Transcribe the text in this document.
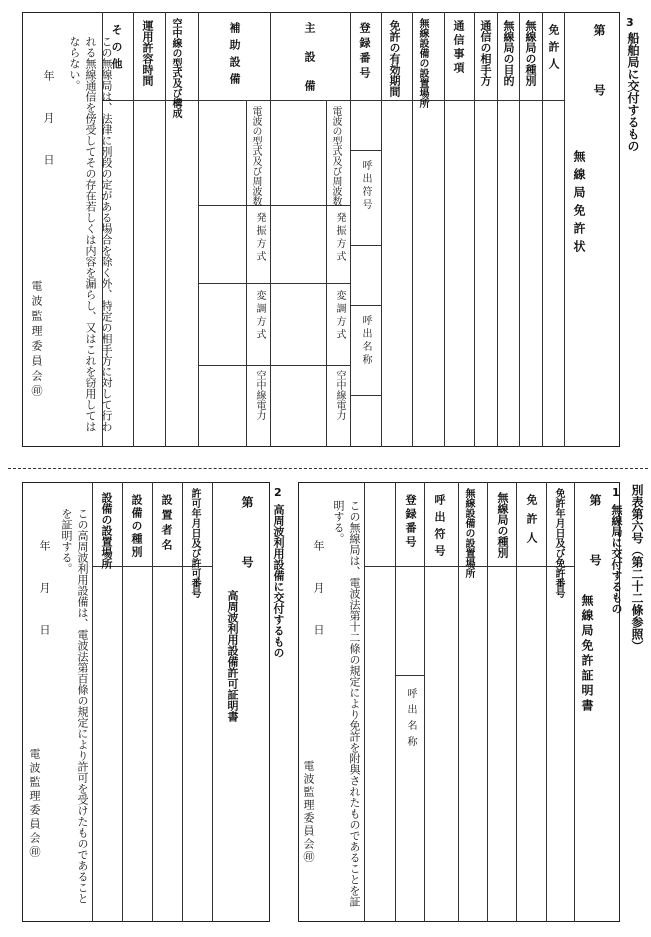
3
船舶局に交付するもの
第　　　　号
無線局免許状
免許人
無線局の種別
無線局の目的
通信の相手方
通信事項
無線設備の設置場所
免許の有効期間
登録番号
主設備
補助設備
空中線の型式及び構成
運用許容時間
その他
呼出符号
呼出名称
電波の型式及び周波数
発振方式
変調方式
空中線電力
電波の型式及び周波数
発振方式
変調方式
空中線電力
この無線局は、法律に別段の定がある場合を除く外、特定の相手方に対して行われる無線通信を傍受してその存在若しくは内容を漏らし、又はこれを窃用してはならない。
年　月　日
電波監理委員会㊞
別表第六号（第二十二條参照）
1
無線局に交付するもの
第　　　　号
無線局免許証明書
免許年月日及び免許番号
免許人
無線局の種別
無線設備の設置場所
呼出符号
登録番号
呼出名称
この無線局は、電波法第十二條の規定により免許を附與されたものであることを証明する。
年　月　日
電波監理委員会㊞
2
高周波利用設備に交付するもの
第　　　　号
高周波利用設備許可証明書
許可年月日及び許可番号
設置者名
設備の種別
設備の設置場所
この高周波利用設備は、電波法第百條の規定により許可を受けたものであることを証明する。
年　月　日
電波監理委員会㊞
